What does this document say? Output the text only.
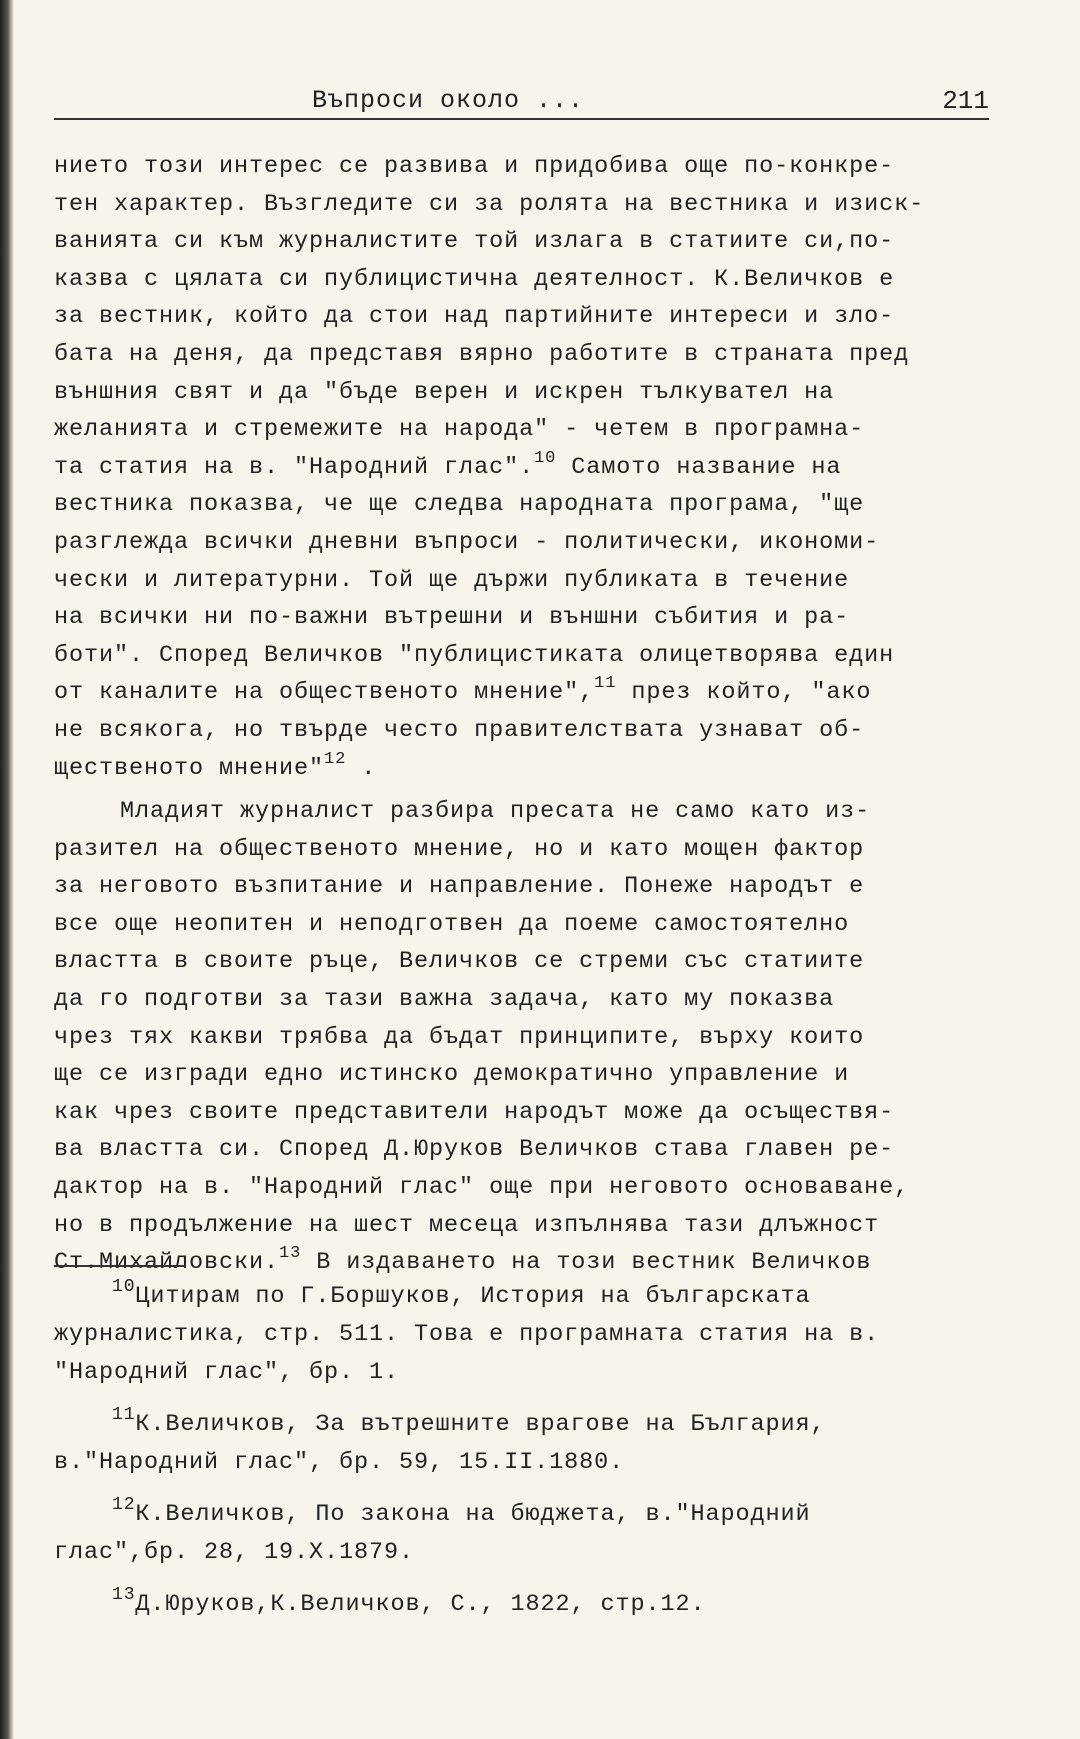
Въпроси около ...	211
нието този интерес се развива и придобива още по-конкре-
тен характер. Възгледите си за ролята на вестника и изиск-
ванията си към журналистите той излага в статиите си,по-
казва с цялата си публицистична деятелност. К.Величков е
за вестник, който да стои над партийните интереси и зло-
бата на деня, да представя вярно работите в страната пред
външния свят и да "бъде верен и искрен тълкувател на
желанията и стремежите на народа" - четем в програмна-
та статия на в. "Народний глас".$^{10}$ Самото название на
вестника показва, че ще следва народната програма, "ще
разглежда всички дневни въпроси - политически, икономи-
чески и литературни. Той ще държи публиката в течение
на всички ни по-важни вътрешни и външни събития и ра-
боти". Според Величков "публицистиката олицетворява един
от каналите на общественото мнение",$^{11}$ през който, "ако
не всякога, но твърде често правителствата узнават об-
щественото мнение"$^{12}$ .
Младият журналист разбира пресата не само като из-
разител на общественото мнение, но и като мощен фактор
за неговото възпитание и направление. Понеже народът е
все още неопитен и неподготвен да поеме самостоятелно
властта в своите ръце, Величков се стреми със статиите
да го подготви за тази важна задача, като му показва
чрез тях какви трябва да бъдат принципите, върху които
ще се изгради едно истинско демократично управление и
как чрез своите представители народът може да осъществя-
ва властта си. Според Д.Юруков Величков става главен ре-
дактор на в. "Народний глас" още при неговото основаване,
но в продължение на шест месеца изпълнява тази длъжност
Ст.Михайловски.$^{13}$ В издаването на този вестник Величков
$^{10}$Цитирам по Г.Боршуков, История на българската
журналистика, стр. 511. Това е програмната статия на в.
"Народний глас", бр. 1.
$^{11}$К.Величков, За вътрешните врагове на България,
в."Народний глас", бр. 59, 15.II.1880.
$^{12}$К.Величков, По закона на бюджета, в."Народний
глас",бр. 28, 19.X.1879.
$^{13}$Д.Юруков,К.Величков, С., 1822, стр.12.
